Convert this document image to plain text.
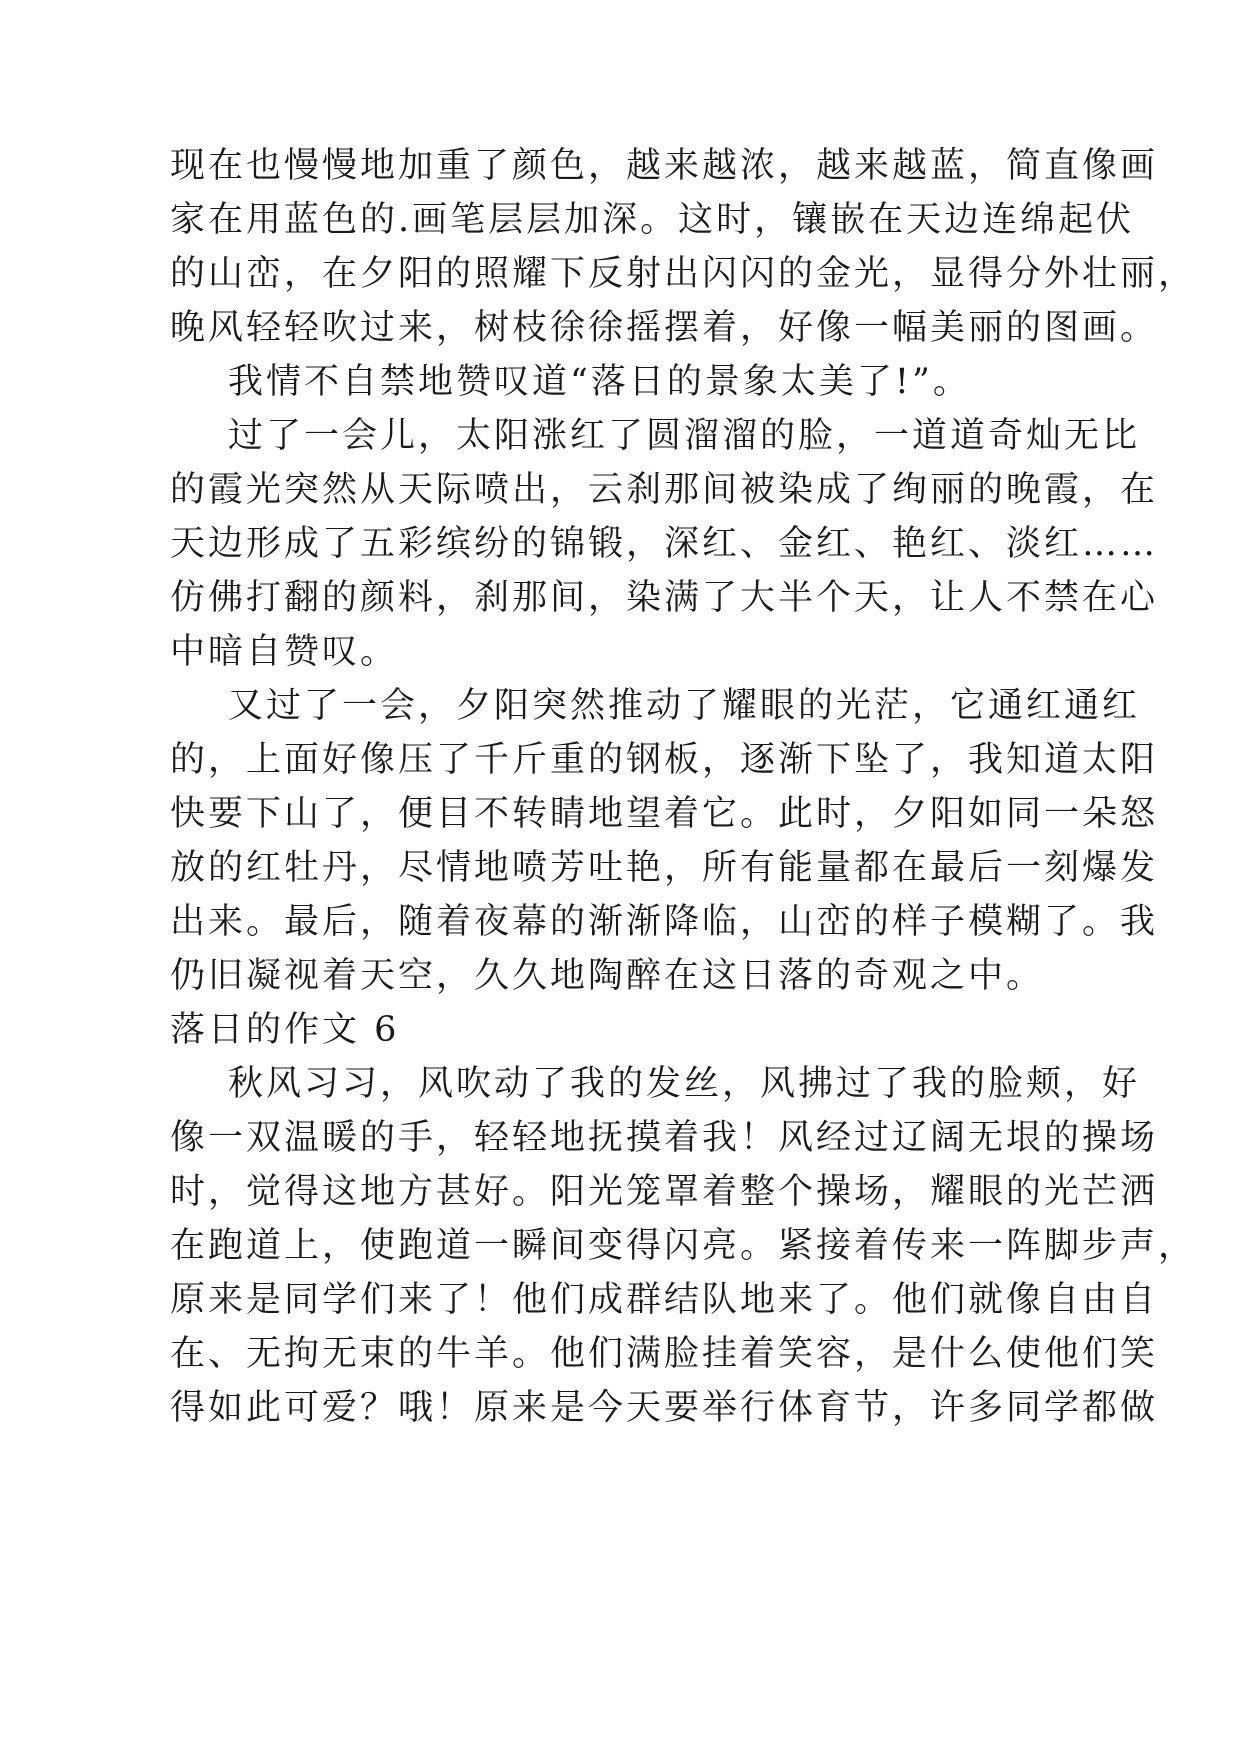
现在也慢慢地加重了颜色，越来越浓，越来越蓝，简直像画
家在用蓝色的.画笔层层加深。这时，镶嵌在天边连绵起伏
的山峦，在夕阳的照耀下反射出闪闪的金光，显得分外壮丽，
晚风轻轻吹过来，树枝徐徐摇摆着，好像一幅美丽的图画。
我情不自禁地赞叹道“落日的景象太美了!”。
过了一会儿，太阳涨红了圆溜溜的脸，一道道奇灿无比
的霞光突然从天际喷出，云刹那间被染成了绚丽的晚霞，在
天边形成了五彩缤纷的锦锻，深红、金红、艳红、淡红……
仿佛打翻的颜料，刹那间，染满了大半个天，让人不禁在心
中暗自赞叹。
又过了一会，夕阳突然推动了耀眼的光茫，它通红通红
的，上面好像压了千斤重的钢板，逐渐下坠了，我知道太阳
快要下山了，便目不转睛地望着它。此时，夕阳如同一朵怒
放的红牡丹，尽情地喷芳吐艳，所有能量都在最后一刻爆发
出来。最后，随着夜幕的渐渐降临，山峦的样子模糊了。我
仍旧凝视着天空，久久地陶醉在这日落的奇观之中。
落日的作文 6
秋风习习，风吹动了我的发丝，风拂过了我的脸颊，好
像一双温暖的手，轻轻地抚摸着我！风经过辽阔无垠的操场
时，觉得这地方甚好。阳光笼罩着整个操场，耀眼的光芒洒
在跑道上，使跑道一瞬间变得闪亮。紧接着传来一阵脚步声，
原来是同学们来了！他们成群结队地来了。他们就像自由自
在、无拘无束的牛羊。他们满脸挂着笑容，是什么使他们笑
得如此可爱？哦！原来是今天要举行体育节，许多同学都做
